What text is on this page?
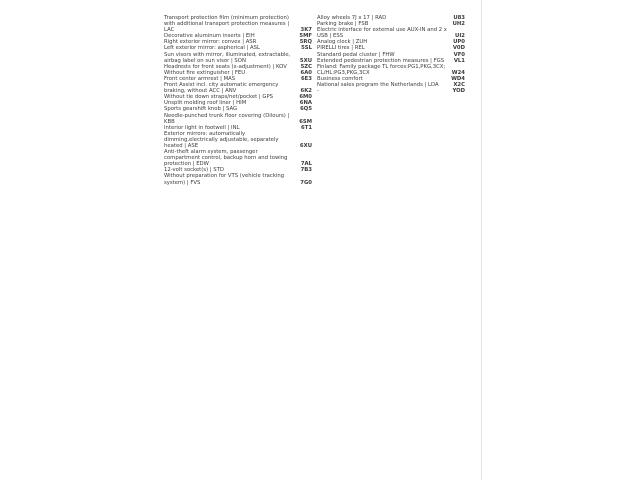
Transport protection film (minimum protection) with additional transport protection measures | LAC	3K7
Decorative aluminum inserts | EIH	5MF
Right exterior mirror: convex | ASR	5RQ
Left exterior mirror: aspherical | ASL	5SL
Sun visors with mirror, illuminated, extractable, airbag label on sun visor | SON	5XU
Headrests for front seats (x-adjustment) | KOV	5ZC
Without fire extinguisher | FEU	6A0
Front center armrest | MAS	6E3
Front Assist incl. city automatic emergency braking, without ACC | ANV	6K2
Without tie down straps/net/pocket | GPS	6M0
Unsplit molding roof liner | HIM	6NA
Sports gearshift knob | SAG	6Q5
Needle-punched trunk floor covering (Dilours) | KBB	6SM
Interior light in footwell | INL	6T1
Exterior mirrors: automatically dimming,electrically adjustable, separately heated | ASE	6XU
Anti-theft alarm system, passenger compartment control, backup horn and towing protection | EDW	7AL
12-volt socket(s) | STD	7B3
Without preparation for VTS (vehicle tracking system) | FVS	7G0
Alloy wheels 7J x 17 | RAD	U83
Parking brake | FSB	UH2
Electric interface for external use AUX-IN and 2 x USB | ESS	UI2
Analog clock | ZUH	UP0
PIRELLI tires | REL	V0D
Standard pedal cluster | FHW	VF0
Extended pedestrian protection measures | FGS	VL1
Finland: Family package TL forces:PG1,PKG,3CX; CL/HL:PG3,PKG,3CX	W24
Business comfort	WD4
National sales program the Netherlands | LDA	X2C
-	YOD
